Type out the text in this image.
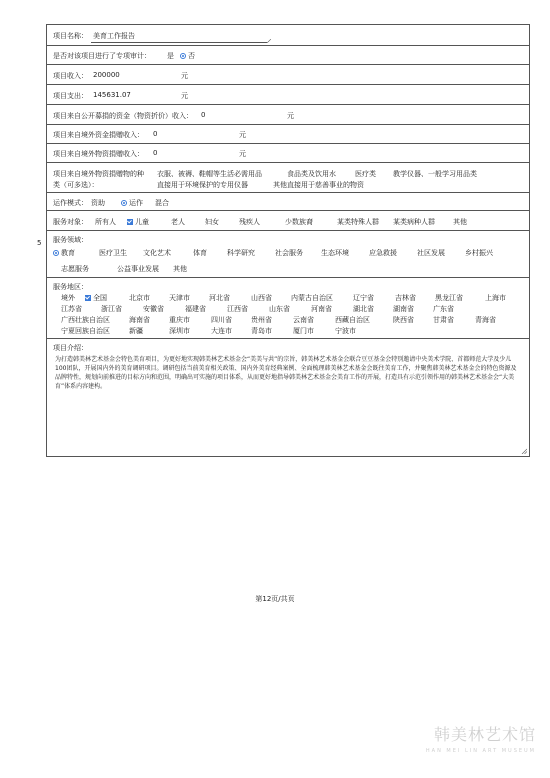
5
项目名称： 美育工作报告
是否对该项目进行了专项审计： 是	否
项目收入： 200000	元
项目支出： 145631.07	元
项目来自公开募捐的资金（物资折价）收入： 0	元
项目来自境外资金捐赠收入： 0	元
项目来自境外物资捐赠收入： 0	元
项目来自境外物资捐赠物的种
类（可多选）：
衣服、被褥、鞋帽等生活必需用品	食品类及饮用水	医疗类 教学仪器、一般学习用品类
直接用于环境保护的专用仪器	其他直接用于慈善事业的物资
运作模式： 资助	运作 混合
服务对象： 所有人	儿童	老人	妇女	残疾人	少数族裔	某类特殊人群 某类病种人群	其他
服务领域：
教育	医疗卫生 文化艺术	体育	科学研究	社会服务	生态环境	应急救援	社区发展	乡村振兴
志愿服务	公益事业发展 其他
服务地区：
境外	全国	北京市	天津市	河北省	山西省	内蒙古自治区	辽宁省	吉林省	黑龙江省	上海市
江苏省	浙江省	安徽省	福建省	江西省	山东省	河南省	湖北省	湖南省	广东省
广西壮族自治区	海南省	重庆市	四川省	贵州省	云南省	西藏自治区	陕西省	甘肃省	青海省
宁夏回族自治区	新疆	深圳市	大连市	青岛市	厦门市	宁波市
项目介绍：
为打造韩美林艺术基金会特色美育项目，为更好地实现韩美林艺术基金会“美美与共”的宗旨，韩美林艺术基金会联合豆豆基金会特别邀请中央美术学院、首都师范大学及少儿100团队，开展国内外的美育调研项目。调研包括当前美育相关政策、国内外美育经典案例、全面梳理韩美林艺术基金会既往美育工作，并聚焦韩美林艺术基金会的特色资源及品牌特性，规划向前推进的目标方向和范围，明确出可实施的项目体系，从而更好地指导韩美林艺术基金会美育工作的开展，打造具有示范引领作用的韩美林艺术基金会“大美育”体系内容建构。
第12页/共页
韩美林艺术馆
HAN MEI LIN ART MUSEUM
